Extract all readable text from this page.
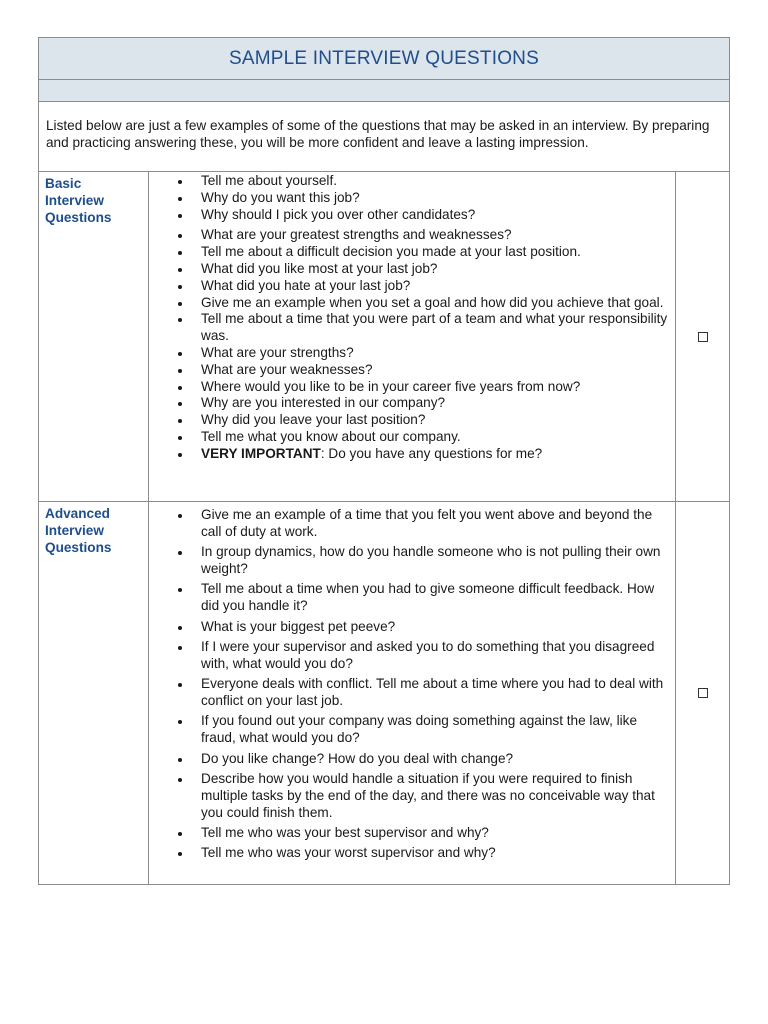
SAMPLE INTERVIEW QUESTIONS
Listed below are just a few examples of some of the questions that may be asked in an interview. By preparing and practicing answering these, you will be more confident and leave a lasting impression.
Basic
Interview
Questions
Tell me about yourself.
Why do you want this job?
Why should I pick you over other candidates?
What are your greatest strengths and weaknesses?
Tell me about a difficult decision you made at your last position.
What did you like most at your last job?
What did you hate at your last job?
Give me an example when you set a goal and how did you achieve that goal.
Tell me about a time that you were part of a team and what your responsibility was.
What are your strengths?
What are your weaknesses?
Where would you like to be in your career five years from now?
Why are you interested in our company?
Why did you leave your last position?
Tell me what you know about our company.
VERY IMPORTANT: Do you have any questions for me?
Advanced
Interview
Questions
Give me an example of a time that you felt you went above and beyond the call of duty at work.
In group dynamics, how do you handle someone who is not pulling their own weight?
Tell me about a time when you had to give someone difficult feedback. How did you handle it?
What is your biggest pet peeve?
If I were your supervisor and asked you to do something that you disagreed with, what would you do?
Everyone deals with conflict. Tell me about a time where you had to deal with conflict on your last job.
If you found out your company was doing something against the law, like fraud, what would you do?
Do you like change? How do you deal with change?
Describe how you would handle a situation if you were required to finish multiple tasks by the end of the day, and there was no conceivable way that you could finish them.
Tell me who was your best supervisor and why?
Tell me who was your worst supervisor and why?
